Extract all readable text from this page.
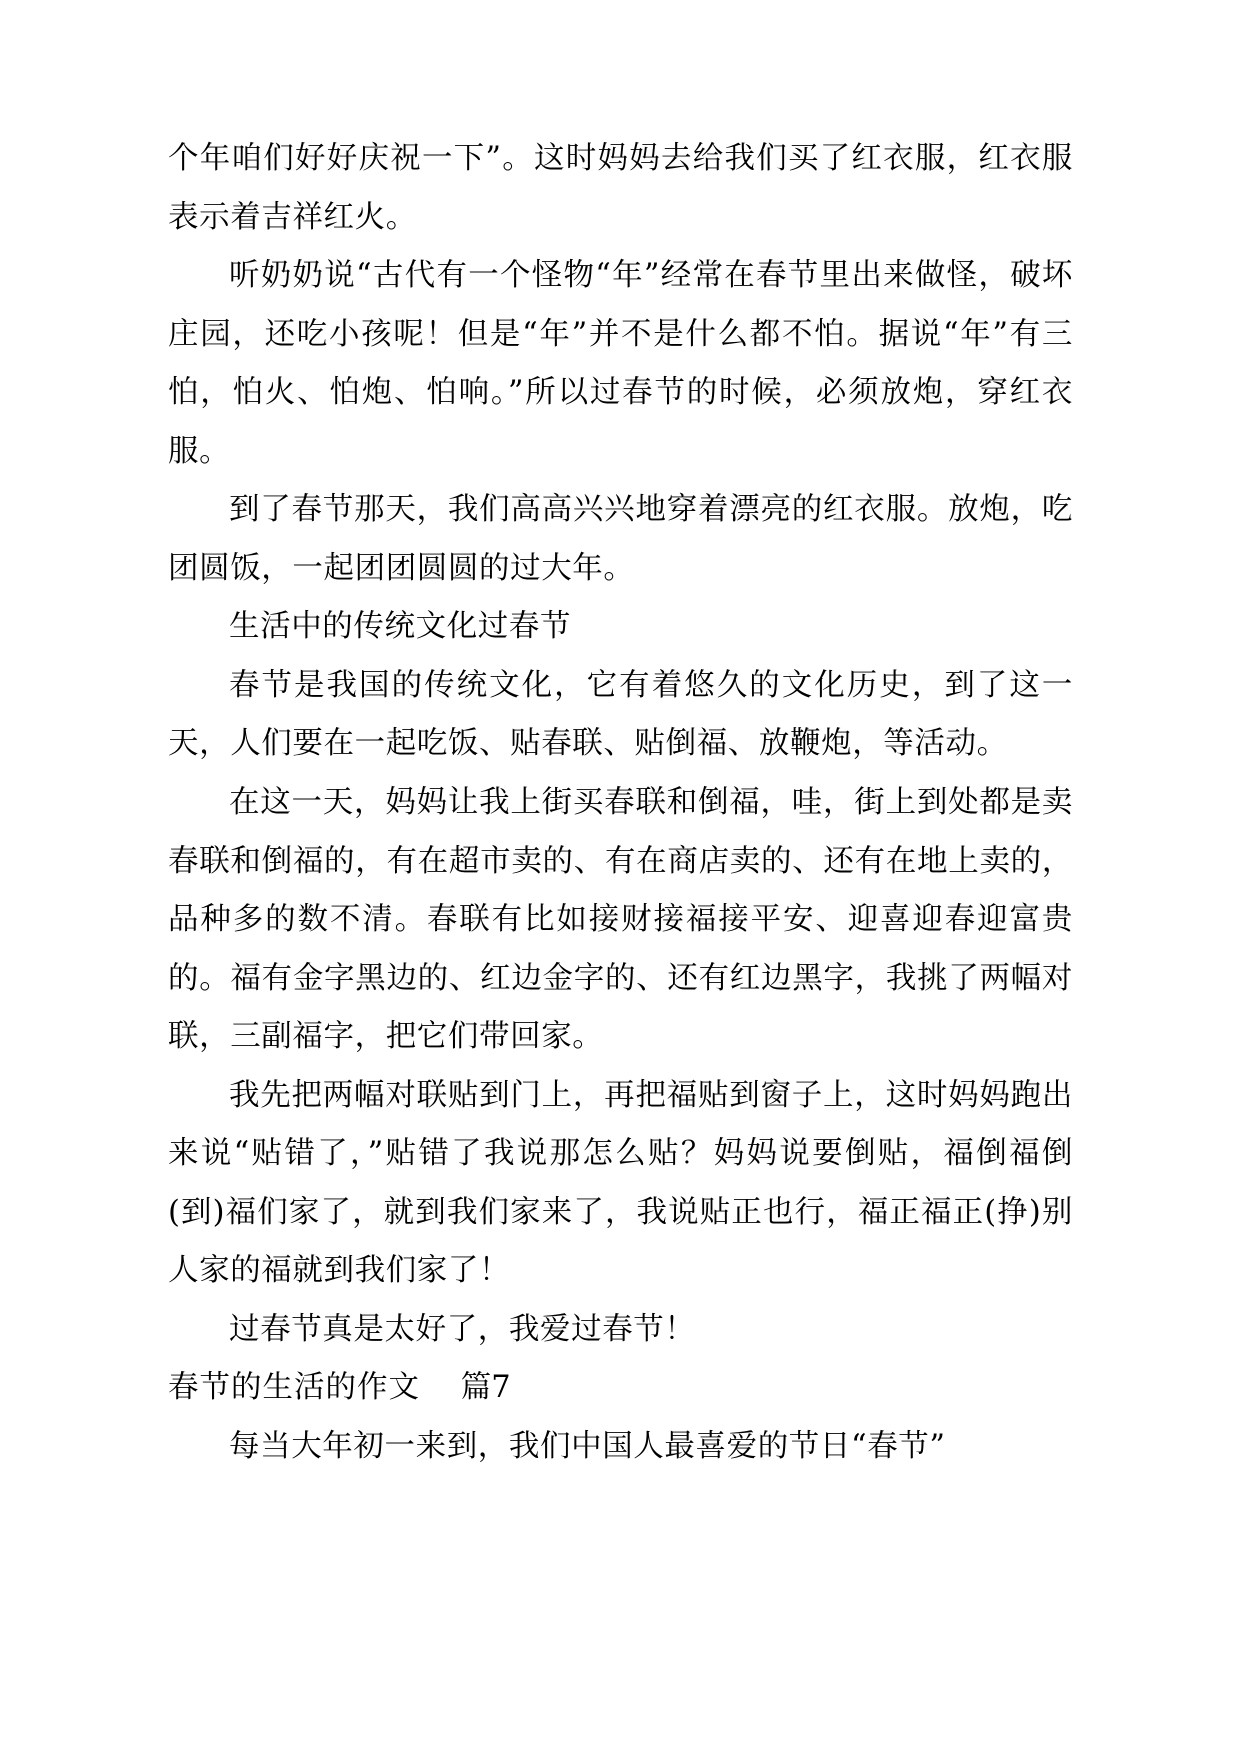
个年咱们好好庆祝一下”。这时妈妈去给我们买了红衣服，红衣服表示着吉祥红火。

听奶奶说“古代有一个怪物“年”经常在春节里出来做怪，破坏庄园，还吃小孩呢！但是“年”并不是什么都不怕。据说“年”有三怕，怕火、怕炮、怕响。”所以过春节的时候，必须放炮，穿红衣服。

到了春节那天，我们高高兴兴地穿着漂亮的红衣服。放炮，吃团圆饭，一起团团圆圆的过大年。

生活中的传统文化过春节

春节是我国的传统文化，它有着悠久的文化历史，到了这一天，人们要在一起吃饭、贴春联、贴倒福、放鞭炮，等活动。

在这一天，妈妈让我上街买春联和倒福，哇，街上到处都是卖春联和倒福的，有在超市卖的、有在商店卖的、还有在地上卖的，品种多的数不清。春联有比如接财接福接平安、迎喜迎春迎富贵的。福有金字黑边的、红边金字的、还有红边黑字，我挑了两幅对联，三副福字，把它们带回家。

我先把两幅对联贴到门上，再把福贴到窗子上，这时妈妈跑出来说“贴错了，”贴错了我说那怎么贴？妈妈说要倒贴，福倒福倒(到)福们家了，就到我们家来了，我说贴正也行，福正福正(挣)别人家的福就到我们家了！

过春节真是太好了，我爱过春节！

春节的生活的作文 篇7

每当大年初一来到，我们中国人最喜爱的节日“春节”
